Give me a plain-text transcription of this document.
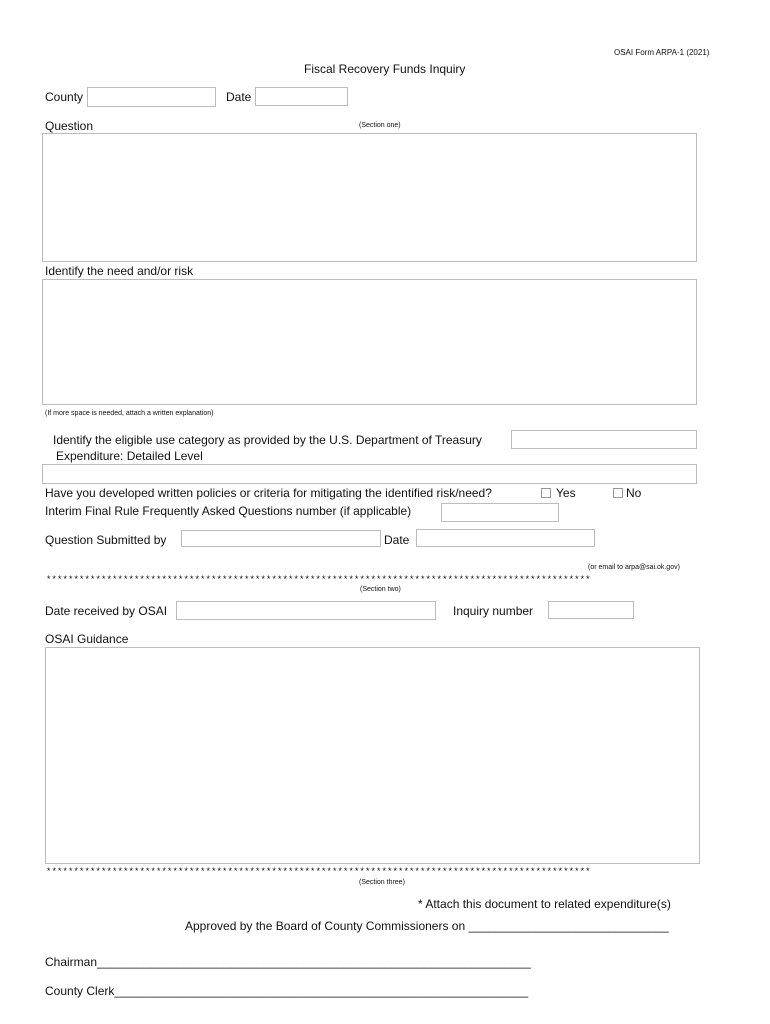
OSAI Form ARPA-1 (2021)
Fiscal Recovery Funds Inquiry
County	Date
Question	(Section one)
Identify the need and/or risk
(If more space is needed, attach a written explanation)
Identify the eligible use category as provided by the U.S. Department of Treasury
Expenditure: Detailed Level
Have you developed written policies or criteria for mitigating the identified risk/need?	Yes	No
Interim Final Rule Frequently Asked Questions number (if applicable)
Question Submitted by	Date
(or email to arpa@sai.ok.gov)
***************************************************************************************************
(Section two)
Date received by OSAI	Inquiry number
OSAI Guidance
***************************************************************************************************
(Section three)
* Attach this document to related expenditure(s)
Approved by the Board of County Commissioners on ______________________________
Chairman_________________________________________________________________
County Clerk______________________________________________________________
